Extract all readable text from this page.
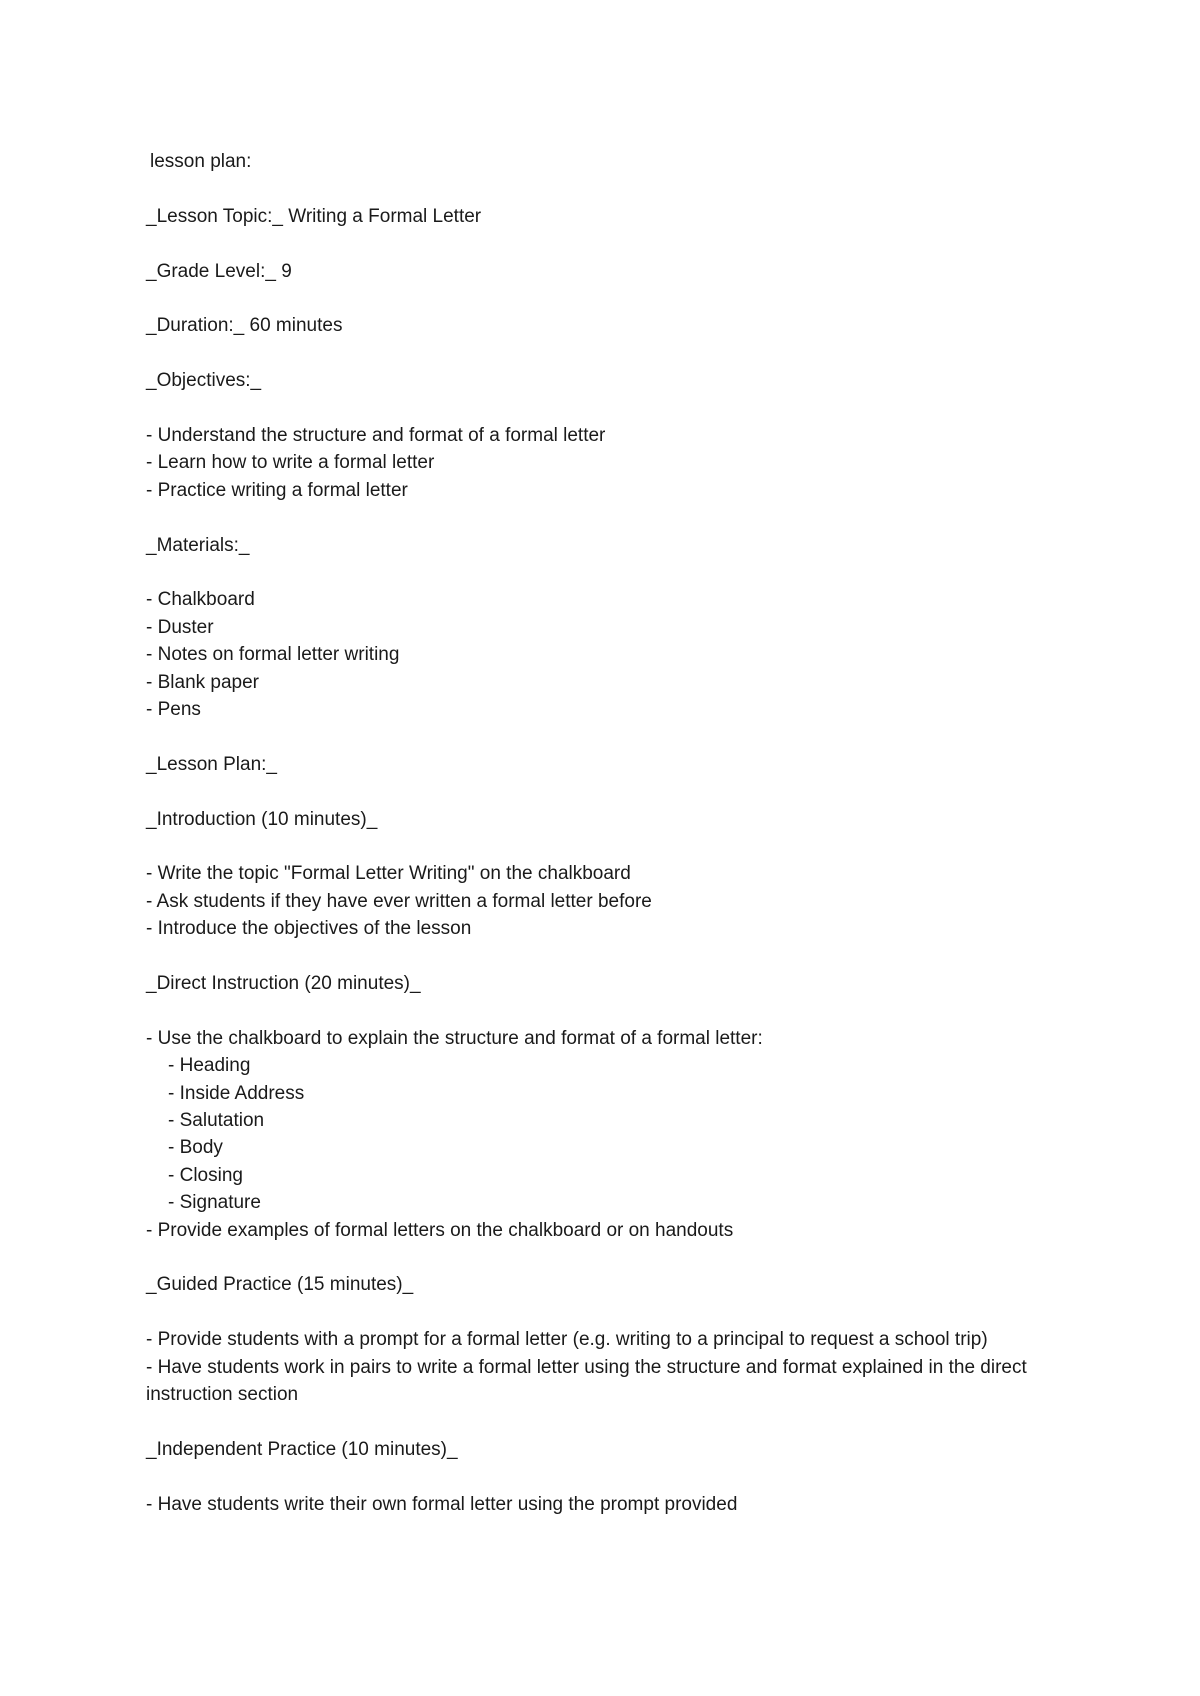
lesson plan:

_Lesson Topic:_ Writing a Formal Letter

_Grade Level:_ 9

_Duration:_ 60 minutes

_Objectives:_

- Understand the structure and format of a formal letter

- Learn how to write a formal letter

- Practice writing a formal letter

_Materials:_

- Chalkboard

- Duster

- Notes on formal letter writing

- Blank paper

- Pens

_Lesson Plan:_

_Introduction (10 minutes)_

- Write the topic "Formal Letter Writing" on the chalkboard

- Ask students if they have ever written a formal letter before

- Introduce the objectives of the lesson

_Direct Instruction (20 minutes)_

- Use the chalkboard to explain the structure and format of a formal letter:

- Heading

- Inside Address

- Salutation

- Body

- Closing

- Signature

- Provide examples of formal letters on the chalkboard or on handouts

_Guided Practice (15 minutes)_

- Provide students with a prompt for a formal letter (e.g. writing to a principal to request a school trip)

- Have students work in pairs to write a formal letter using the structure and format explained in the direct instruction section

_Independent Practice (10 minutes)_

- Have students write their own formal letter using the prompt provided
